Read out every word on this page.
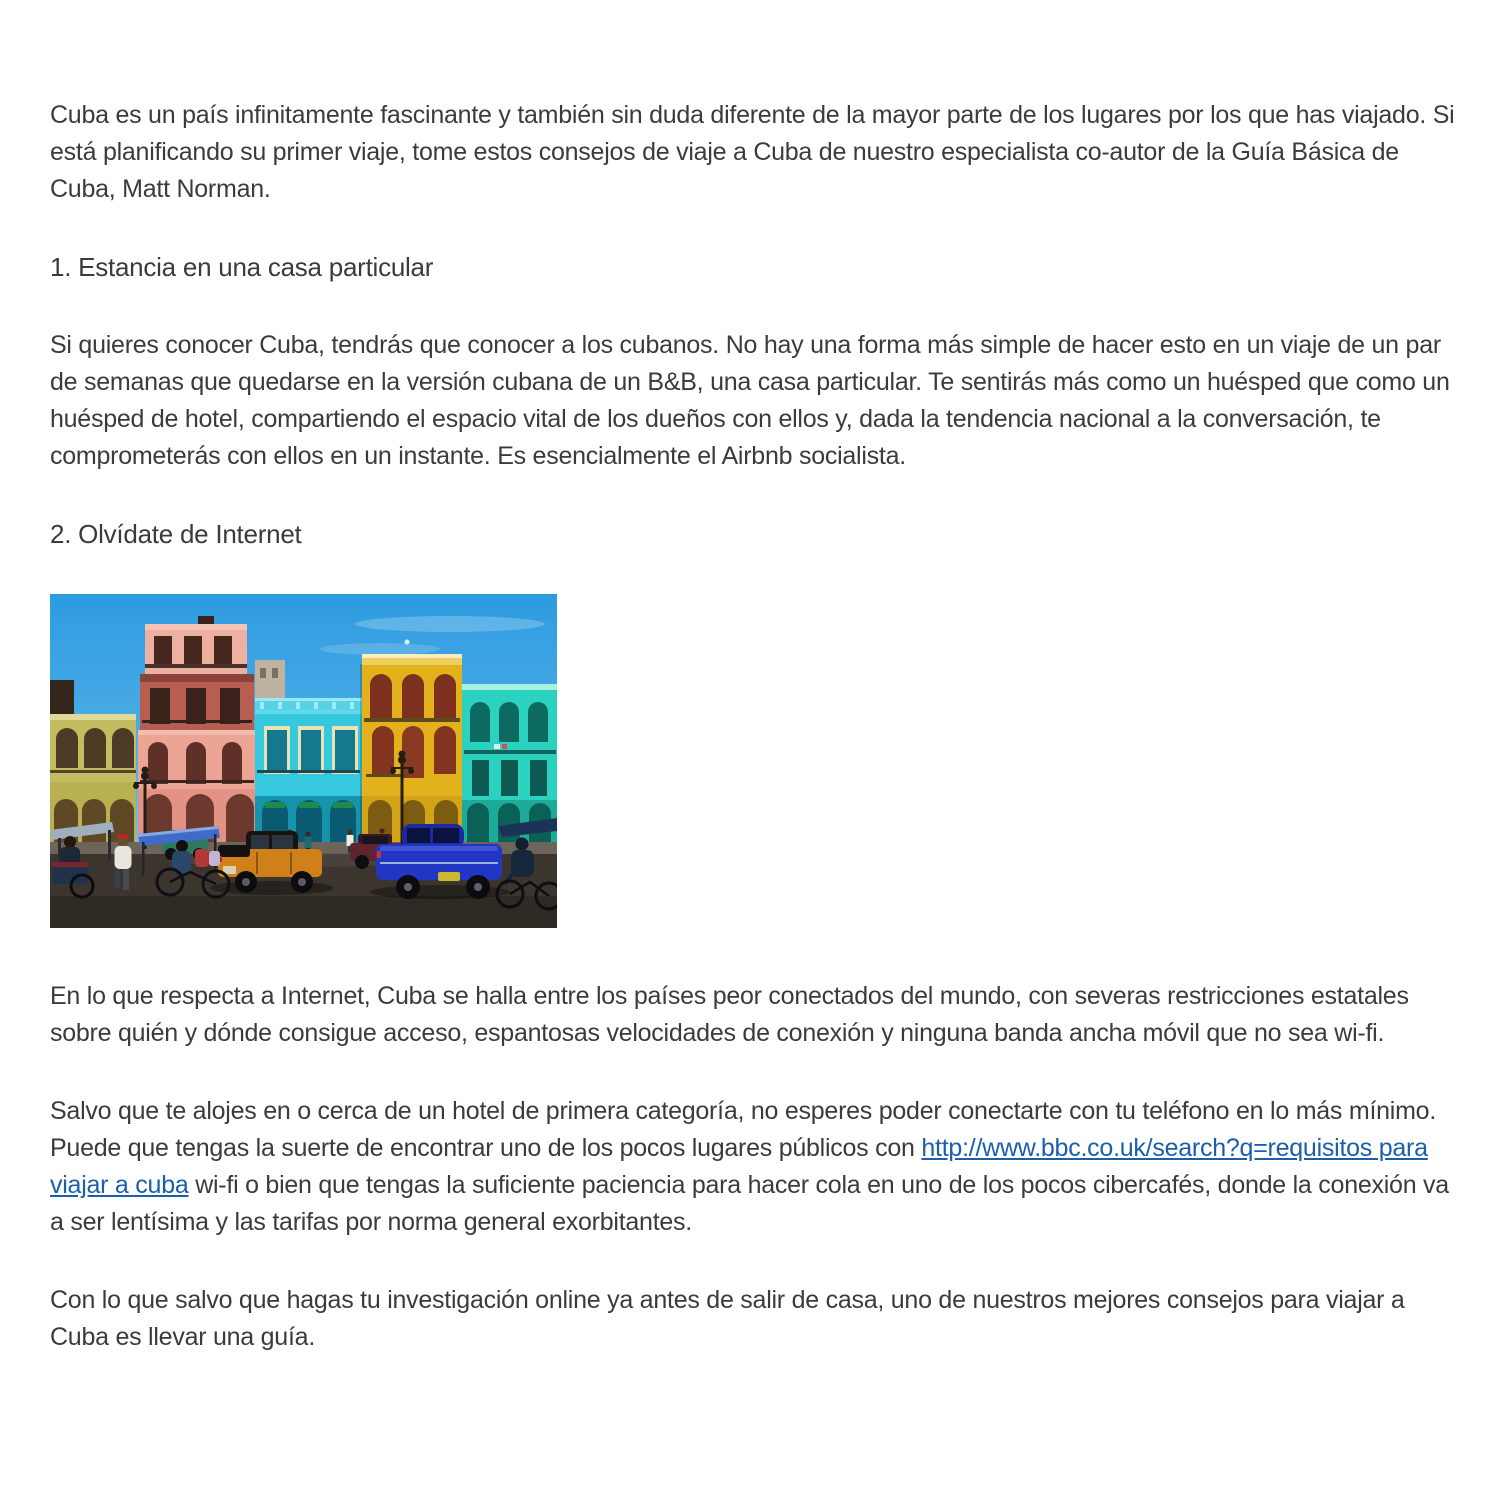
Cuba es un país infinitamente fascinante y también sin duda diferente de la mayor parte de los lugares por los que has viajado. Si está planificando su primer viaje, tome estos consejos de viaje a Cuba de nuestro especialista co-autor de la Guía Básica de Cuba, Matt Norman.

1. Estancia en una casa particular

Si quieres conocer Cuba, tendrás que conocer a los cubanos. No hay una forma más simple de hacer esto en un viaje de un par de semanas que quedarse en la versión cubana de un B&B, una casa particular. Te sentirás más como un huésped que como un huésped de hotel, compartiendo el espacio vital de los dueños con ellos y, dada la tendencia nacional a la conversación, te comprometerás con ellos en un instante. Es esencialmente el Airbnb socialista.

2. Olvídate de Internet

En lo que respecta a Internet, Cuba se halla entre los países peor conectados del mundo, con severas restricciones estatales sobre quién y dónde consigue acceso, espantosas velocidades de conexión y ninguna banda ancha móvil que no sea wi-fi.

Salvo que te alojes en o cerca de un hotel de primera categoría, no esperes poder conectarte con tu teléfono en lo más mínimo. Puede que tengas la suerte de encontrar uno de los pocos lugares públicos con http://www.bbc.co.uk/search?q=requisitos para viajar a cuba wi-fi o bien que tengas la suficiente paciencia para hacer cola en uno de los pocos cibercafés, donde la conexión va a ser lentísima y las tarifas por norma general exorbitantes.

Con lo que salvo que hagas tu investigación online ya antes de salir de casa, uno de nuestros mejores consejos para viajar a Cuba es llevar una guía.
